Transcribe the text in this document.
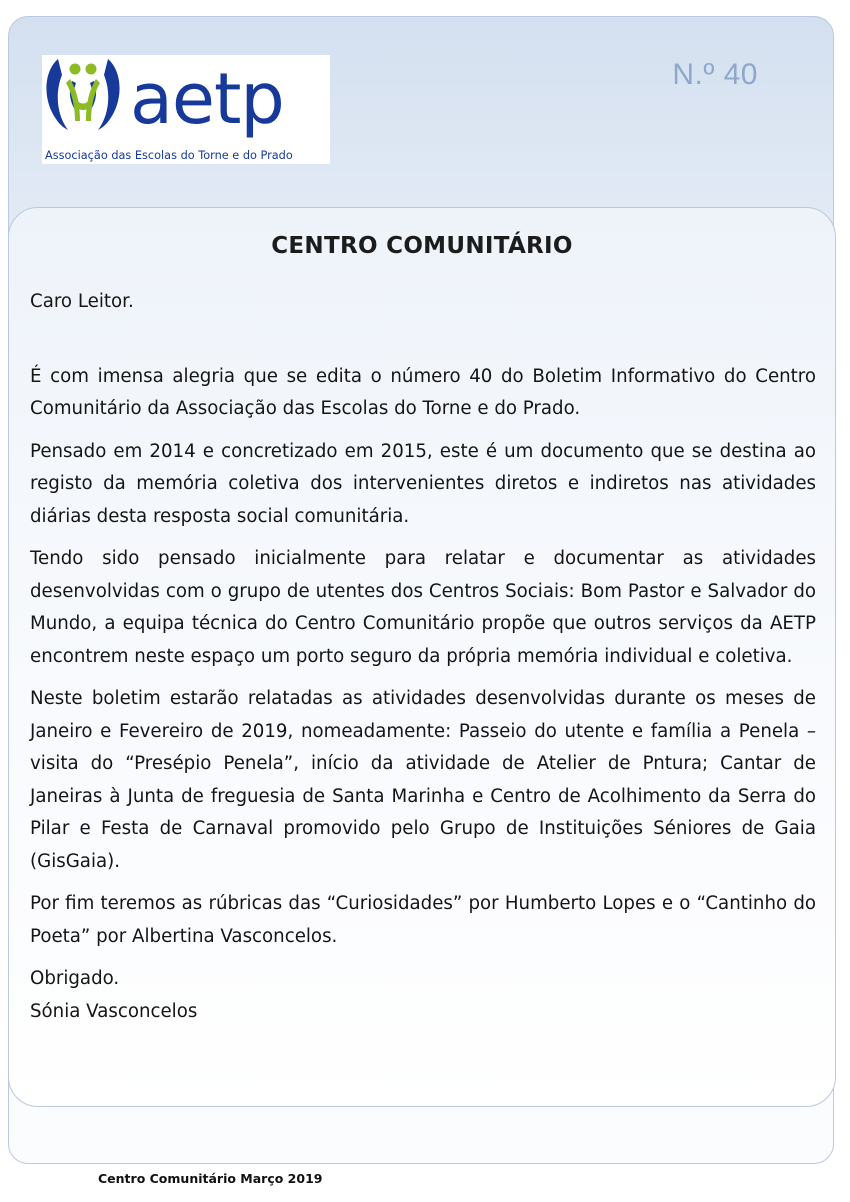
aetp
Associação das Escolas do Torne e do Prado
N.º 40
CENTRO COMUNITÁRIO

Caro Leitor.

É com imensa alegria que se edita o número 40 do Boletim Informativo do Centro Comunitário da Associação das Escolas do Torne e do Prado.

Pensado em 2014 e concretizado em 2015, este é um documento que se destina ao registo da memória coletiva dos intervenientes diretos e indiretos nas atividades diárias desta resposta social comunitária.

Tendo sido pensado inicialmente para relatar e documentar as atividades desenvolvidas com o grupo de utentes dos Centros Sociais: Bom Pastor e Salvador do Mundo, a equipa técnica do Centro Comunitário propõe que outros serviços da AETP encontrem neste espaço um porto seguro da própria memória individual e coletiva.

Neste boletim estarão relatadas as atividades desenvolvidas durante os meses de Janeiro e Fevereiro de 2019, nomeadamente: Passeio do utente e família a Penela – visita do “Presépio Penela”, início da atividade de Atelier de Pntura; Cantar de Janeiras à Junta de freguesia de Santa Marinha e Centro de Acolhimento da Serra do Pilar e Festa de Carnaval promovido pelo Grupo de Instituições Séniores de Gaia (GisGaia).

Por fim teremos as rúbricas das “Curiosidades” por Humberto Lopes e o “Cantinho do Poeta” por Albertina Vasconcelos.

Obrigado.

Sónia Vasconcelos

Centro Comunitário Março 2019
